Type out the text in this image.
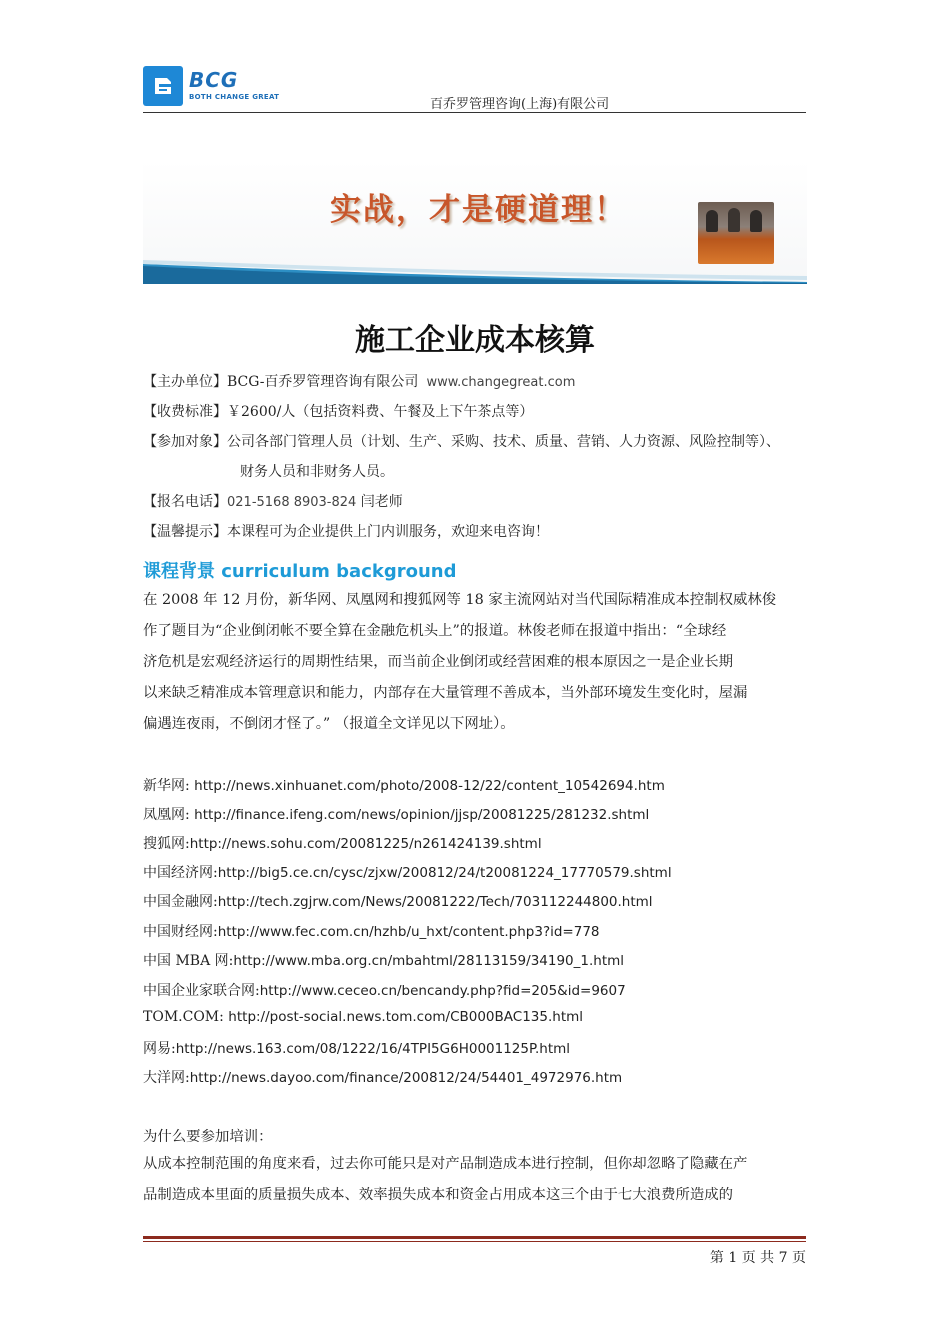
BCG
BOTH CHANGE GREAT	百乔罗管理咨询(上海)有限公司
实战，才是硬道理！
施工企业成本核算
【主办单位】BCG-百乔罗管理咨询有限公司 www.changegreat.com
【收费标准】￥2600/人（包括资料费、午餐及上下午茶点等）
【参加对象】公司各部门管理人员（计划、生产、采购、技术、质量、营销、人力资源、风险控制等）、
财务人员和非财务人员。
【报名电话】021-5168 8903-824 闫老师
【温馨提示】本课程可为企业提供上门内训服务，欢迎来电咨询！
课程背景 curriculum background
在 2008 年 12 月份，新华网、凤凰网和搜狐网等 18 家主流网站对当代国际精准成本控制权威林俊
作了题目为“企业倒闭帐不要全算在金融危机头上”的报道。林俊老师在报道中指出：“全球经
济危机是宏观经济运行的周期性结果，而当前企业倒闭或经营困难的根本原因之一是企业长期
以来缺乏精准成本管理意识和能力，内部存在大量管理不善成本，当外部环境发生变化时，屋漏
偏遇连夜雨，不倒闭才怪了。” （报道全文详见以下网址）。
新华网: http://news.xinhuanet.com/photo/2008-12/22/content_10542694.htm
凤凰网: http://finance.ifeng.com/news/opinion/jjsp/20081225/281232.shtml
搜狐网:http://news.sohu.com/20081225/n261424139.shtml
中国经济网:http://big5.ce.cn/cysc/zjxw/200812/24/t20081224_17770579.shtml
中国金融网:http://tech.zgjrw.com/News/20081222/Tech/703112244800.html
中国财经网:http://www.fec.com.cn/hzhb/u_hxt/content.php3?id=778
中国 MBA 网:http://www.mba.org.cn/mbahtml/28113159/34190_1.html
中国企业家联合网:http://www.ceceo.cn/bencandy.php?fid=205&id=9607
TOM.COM: http://post-social.news.tom.com/CB000BAC135.html
网易:http://news.163.com/08/1222/16/4TPI5G6H0001125P.html
大洋网:http://news.dayoo.com/finance/200812/24/54401_4972976.htm
为什么要参加培训：
从成本控制范围的角度来看，过去你可能只是对产品制造成本进行控制，但你却忽略了隐藏在产
品制造成本里面的质量损失成本、效率损失成本和资金占用成本这三个由于七大浪费所造成的
第 1 页 共 7 页
